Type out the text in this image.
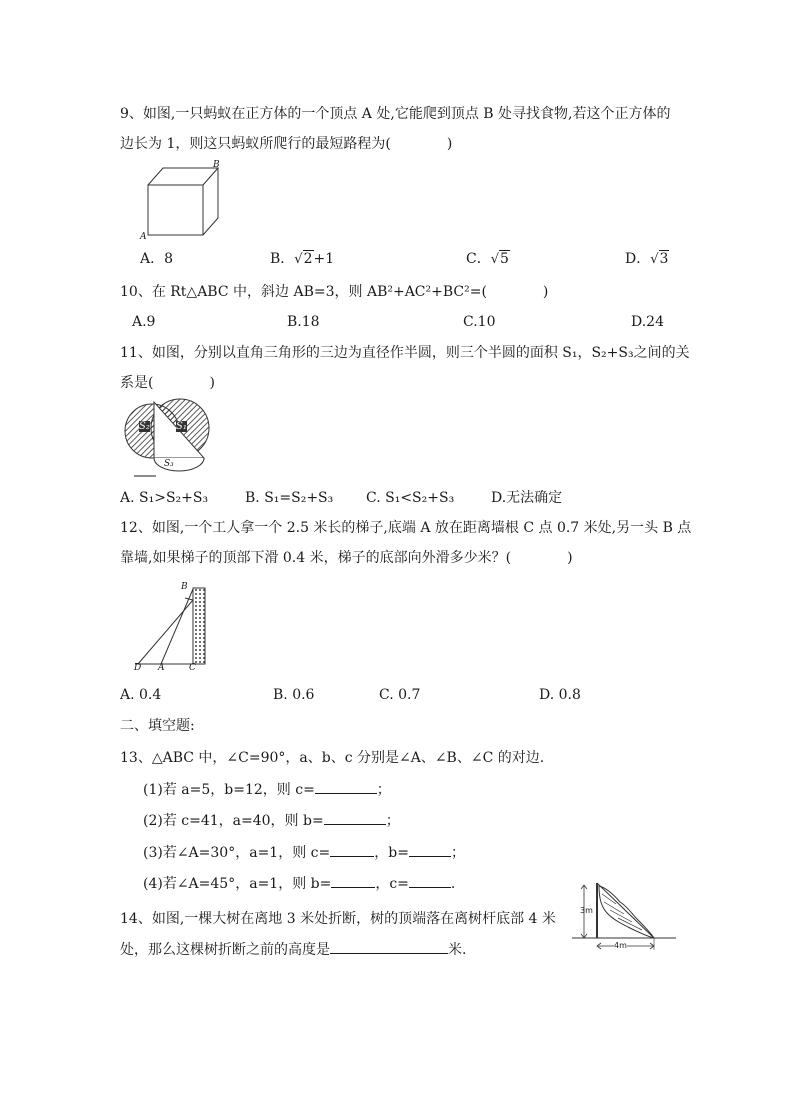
9、如图,一只蚂蚁在正方体的一个顶点 A 处,它能爬到顶点 B 处寻找食物,若这个正方体的
边长为 1，则这只蚂蚁所爬行的最短路程为(　　　　)
B
A
A．8	B．√2+1	C．√5	D．√3
10、在 Rt△ABC 中，斜边 AB=3，则 AB²+AC²+BC²=(　　　　)
A.9	B.18	C.10	D.24
11、如图，分别以直角三角形的三边为直径作半圆，则三个半圆的面积 S₁，S₂+S₃之间的关
系是(　　　　)
S₂	S₁
S₃
A. S₁>S₂+S₃	B. S₁=S₂+S₃ C. S₁<S₂+S₃	D.无法确定
12、如图,一个工人拿一个 2.5 米长的梯子,底端 A 放在距离墙根 C 点 0.7 米处,另一头 B 点
靠墙,如果梯子的顶部下滑 0.4 米，梯子的底部向外滑多少米？(　　　　)
B
D A	C
A. 0.4	B. 0.6	C. 0.7	D. 0.8
二、填空题:
13、△ABC 中，∠C=90°，a、b、c 分别是∠A、∠B、∠C 的对边.
(1)若 a=5，b=12，则 c=	；
(2)若 c=41，a=40，则 b=	；
(3)若∠A=30°，a=1，则 c=	，b=	；
(4)若∠A=45°，a=1，则 b=	，c=	.
14、如图,一棵大树在离地 3 米处折断，树的顶端落在离树杆底部 4 米
处，那么这棵树折断之前的高度是	米.
3m
4m
